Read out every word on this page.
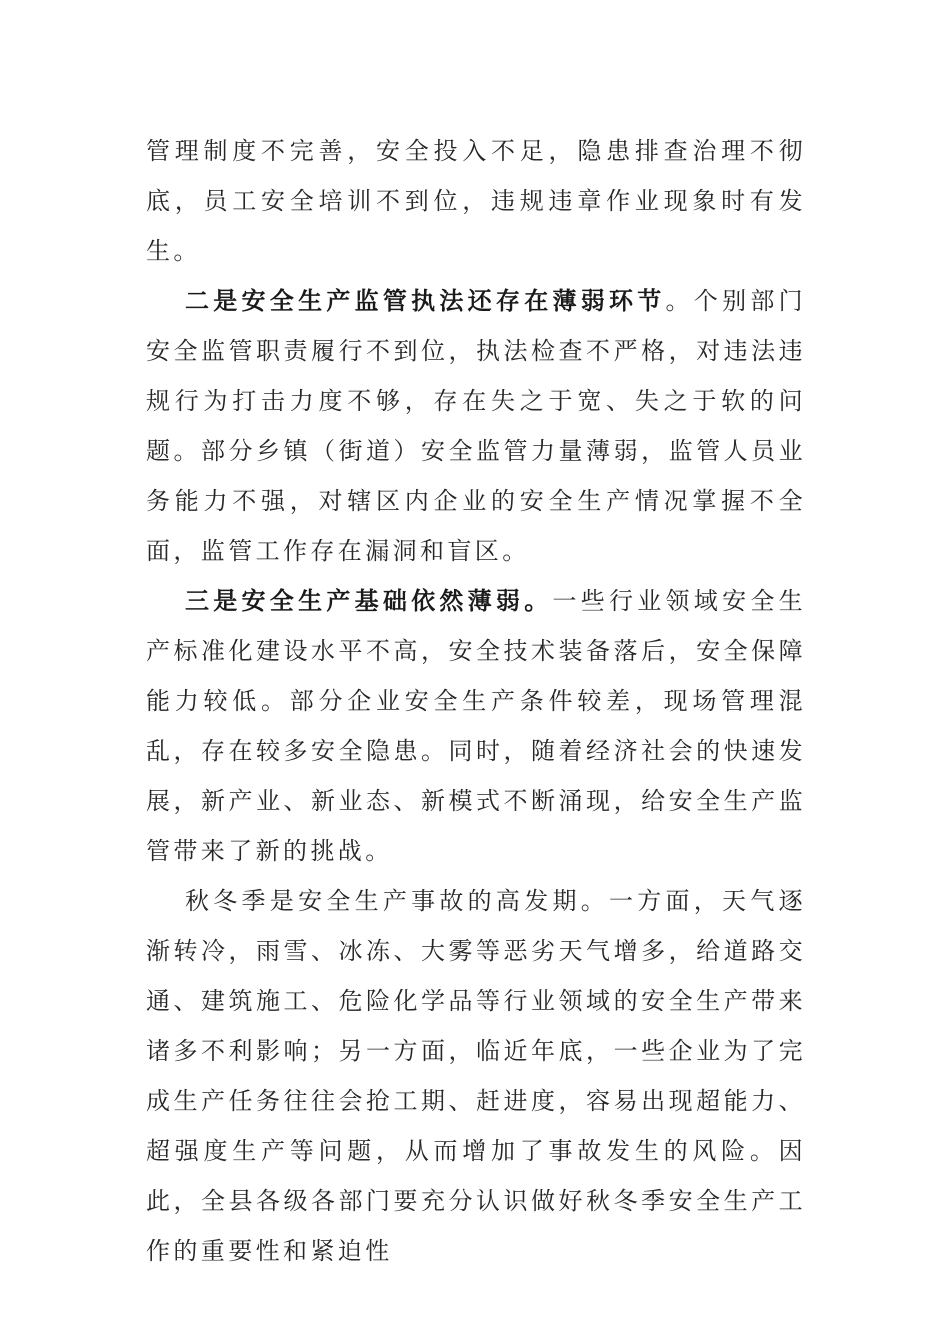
管理制度不完善，安全投入不足，隐患排查治理不彻底，员工安全培训不到位，违规违章作业现象时有发生。

二是安全生产监管执法还存在薄弱环节。个别部门安全监管职责履行不到位，执法检查不严格，对违法违规行为打击力度不够，存在失之于宽、失之于软的问题。部分乡镇（街道）安全监管力量薄弱，监管人员业务能力不强，对辖区内企业的安全生产情况掌握不全面，监管工作存在漏洞和盲区。

三是安全生产基础依然薄弱。一些行业领域安全生产标准化建设水平不高，安全技术装备落后，安全保障能力较低。部分企业安全生产条件较差，现场管理混乱，存在较多安全隐患。同时，随着经济社会的快速发展，新产业、新业态、新模式不断涌现，给安全生产监管带来了新的挑战。

秋冬季是安全生产事故的高发期。一方面，天气逐渐转冷，雨雪、冰冻、大雾等恶劣天气增多，给道路交通、建筑施工、危险化学品等行业领域的安全生产带来诸多不利影响；另一方面，临近年底，一些企业为了完成生产任务往往会抢工期、赶进度，容易出现超能力、超强度生产等问题，从而增加了事故发生的风险。因此，全县各级各部门要充分认识做好秋冬季安全生产工作的重要性和紧迫性
